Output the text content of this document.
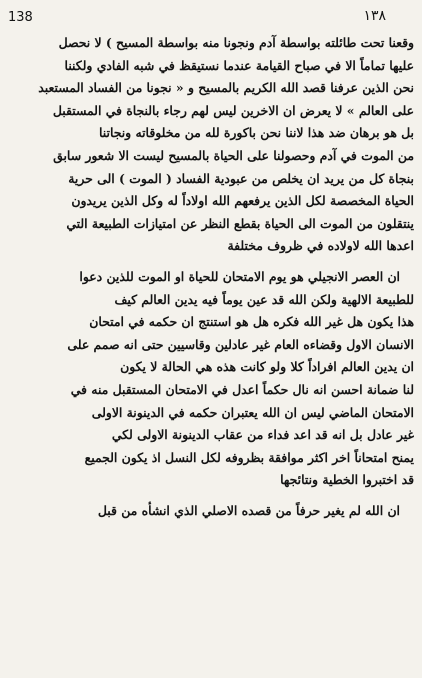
138	١٣٨
وقعنا تحت طائلته بواسطة آدم ونجونا منه بواسطة المسيح ) لا نحصل
عليها تماماً الا في صباح القيامة عندما نستيقظ في شبه الفادي ولكننا
نحن الذين عرفنا قصد الله الكريم بالمسيح و « نجونا من الفساد المستعبد
على العالم » لا يعرض ان الاخرين ليس لهم رجاء بالنجاة في المستقبل
بل هو برهان ضد هذا لاننا نحن باكورة لله من مخلوقاته ونجاتنا
من الموت في آدم وحصولنا على الحياة بالمسيح ليست الا شعور سابق
بنجاة كل من يريد ان يخلص من عبودية الفساد ( الموت ) الى حرية
الحياة المخصصة لكل الذين يرفعهم الله اولاداً له وكل الذين يريدون
ينتقلون من الموت الى الحياة بقطع النظر عن امتيازات الطبيعة التي
اعدها الله لاولاده في ظروف مختلفة
ان العصر الانجيلي هو يوم الامتحان للحياة او الموت للذين دعوا
للطبيعة الالهية ولكن الله قد عين يوماً فيه يدين العالم كيف
هذا يكون هل غير الله فكره هل هو استنتج ان حكمه في امتحان
الانسان الاول وقضاءه العام غير عادلين وقاسيين حتى انه صمم على
ان يدين العالم افراداً كلا ولو كانت هذه هي الحالة لا يكون
لنا ضمانة احسن انه نال حكماً اعدل في الامتحان المستقبل منه في
الامتحان الماضي ليس ان الله يعتبران حكمه في الدينونة الاولى
غير عادل بل انه قد اعد فداء من عقاب الدينونة الاولى لكي
يمنح امتحاناً اخر اكثر موافقة بظروفه لكل النسل اذ يكون الجميع
قد اختبروا الخطية ونتائجها
ان الله لم يغير حرفاً من قصده الاصلي الذي انشأه من قبل
